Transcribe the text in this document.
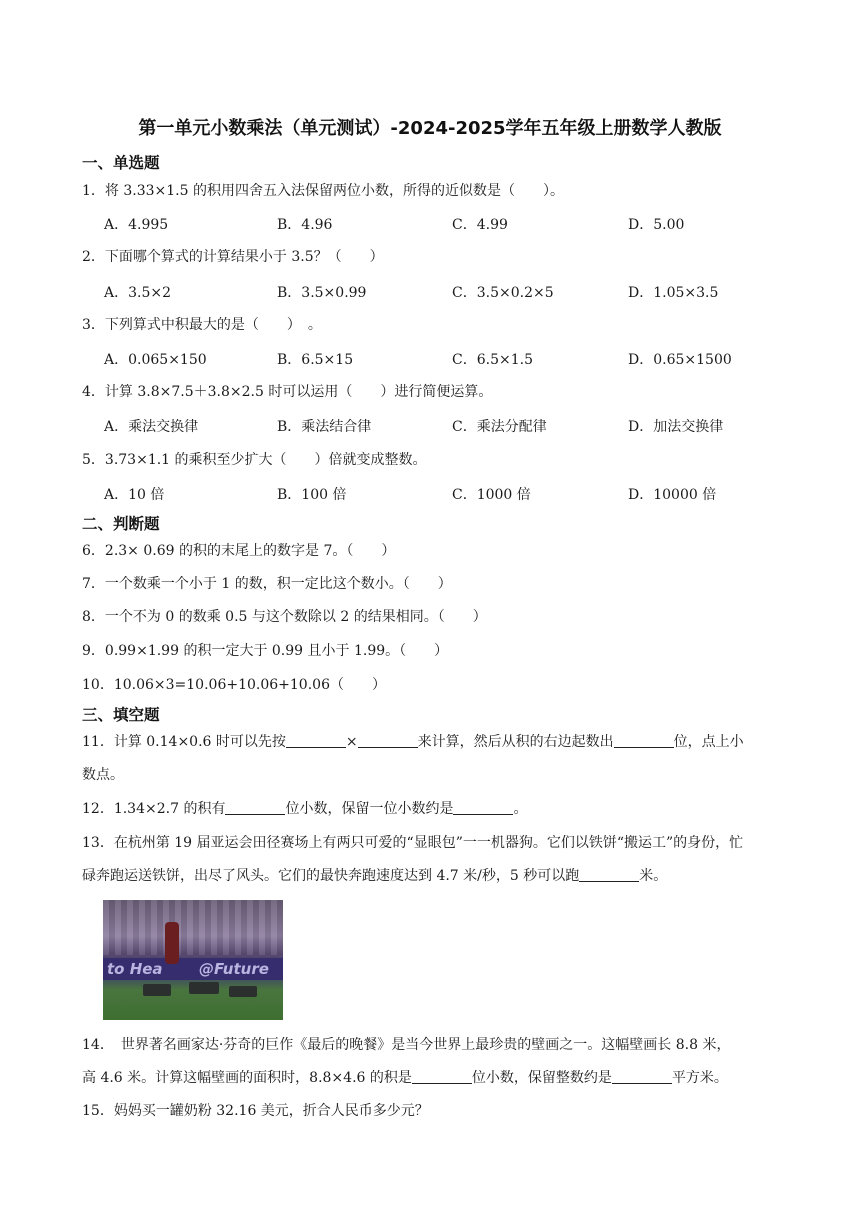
第一单元小数乘法（单元测试）-2024-2025学年五年级上册数学人教版
一、单选题
1．将 3.33×1.5 的积用四舍五入法保留两位小数，所得的近似数是（　　）。
A．4.995	B．4.96	C．4.99	D．5.00
2．下面哪个算式的计算结果小于 3.5？（　　）
A．3.5×2	B．3.5×0.99	C．3.5×0.2×5	D．1.05×3.5
3．下列算式中积最大的是（　　）　。
A．0.065×150	B．6.5×15	C．6.5×1.5	D．0.65×1500
4．计算 3.8×7.5＋3.8×2.5 时可以运用（　　）进行简便运算。
A．乘法交换律	B．乘法结合律	C．乘法分配律	D．加法交换律
5．3.73×1.1 的乘积至少扩大（　　）倍就变成整数。
A．10 倍	B．100 倍	C．1000 倍	D．10000 倍
二、判断题
6．2.3× 0.69 的积的末尾上的数字是 7。（　　）
7．一个数乘一个小于 1 的数，积一定比这个数小。（　　）
8．一个不为 0 的数乘 0.5 与这个数除以 2 的结果相同。（　　）
9．0.99×1.99 的积一定大于 0.99 且小于 1.99。（　　）
10．10.06×3=10.06+10.06+10.06（　　）
三、填空题
11．计算 0.14×0.6 时可以先按	×	来计算，然后从积的右边起数出	位，点上小
数点。
12．1.34×2.7 的积有	位小数，保留一位小数约是	。
13．在杭州第 19 届亚运会田径赛场上有两只可爱的“显眼包”一一机器狗。它们以铁饼“搬运工”的身份，忙
碌奔跑运送铁饼，出尽了风头。它们的最快奔跑速度达到 4.7 米/秒，5 秒可以跑	米。
to Hea @Future
14．　世界著名画家达·芬奇的巨作《最后的晚餐》是当今世界上最珍贵的壁画之一。这幅壁画长 8.8 米，
高 4.6 米。计算这幅壁画的面积时，8.8×4.6 的积是	位小数，保留整数约是	平方米。
15．妈妈买一罐奶粉 32.16 美元，折合人民币多少元？
